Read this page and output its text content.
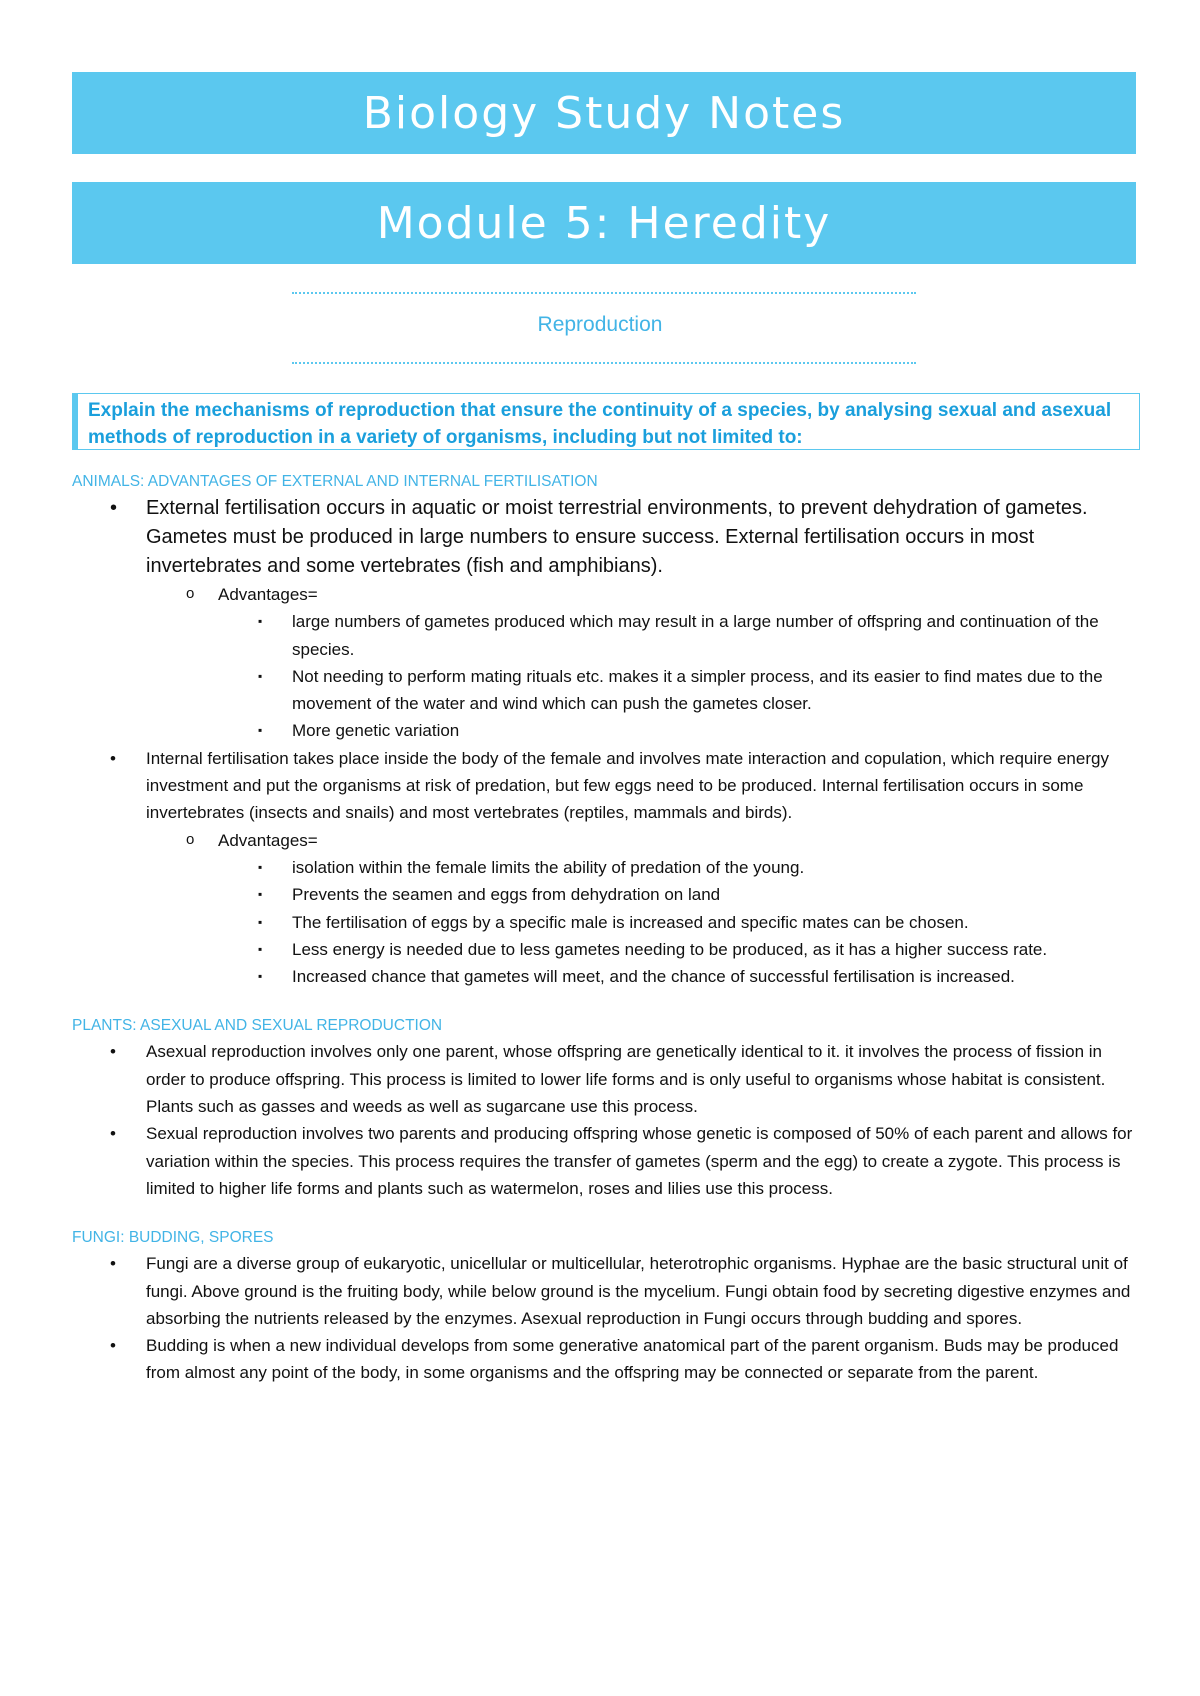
Biology Study Notes
Module 5: Heredity
Reproduction
Explain the mechanisms of reproduction that ensure the continuity of a species, by analysing sexual and asexual methods of reproduction in a variety of organisms, including but not limited to:

ANIMALS: ADVANTAGES OF EXTERNAL AND INTERNAL FERTILISATION

• External fertilisation occurs in aquatic or moist terrestrial environments, to prevent dehydration of gametes. Gametes must be produced in large numbers to ensure success. External fertilisation occurs in most invertebrates and some vertebrates (fish and amphibians).
o Advantages=
▪ large numbers of gametes produced which may result in a large number of offspring and continuation of the species.
▪ Not needing to perform mating rituals etc. makes it a simpler process, and its easier to find mates due to the movement of the water and wind which can push the gametes closer.
▪ More genetic variation
• Internal fertilisation takes place inside the body of the female and involves mate interaction and copulation, which require energy investment and put the organisms at risk of predation, but few eggs need to be produced. Internal fertilisation occurs in some invertebrates (insects and snails) and most vertebrates (reptiles, mammals and birds).
o Advantages=
▪ isolation within the female limits the ability of predation of the young.
▪ Prevents the seamen and eggs from dehydration on land
▪ The fertilisation of eggs by a specific male is increased and specific mates can be chosen.
▪ Less energy is needed due to less gametes needing to be produced, as it has a higher success rate.
▪ Increased chance that gametes will meet, and the chance of successful fertilisation is increased.

PLANTS: ASEXUAL AND SEXUAL REPRODUCTION

• Asexual reproduction involves only one parent, whose offspring are genetically identical to it. it involves the process of fission in order to produce offspring. This process is limited to lower life forms and is only useful to organisms whose habitat is consistent. Plants such as gasses and weeds as well as sugarcane use this process.
• Sexual reproduction involves two parents and producing offspring whose genetic is composed of 50% of each parent and allows for variation within the species. This process requires the transfer of gametes (sperm and the egg) to create a zygote. This process is limited to higher life forms and plants such as watermelon, roses and lilies use this process.

FUNGI: BUDDING, SPORES

• Fungi are a diverse group of eukaryotic, unicellular or multicellular, heterotrophic organisms. Hyphae are the basic structural unit of fungi. Above ground is the fruiting body, while below ground is the mycelium. Fungi obtain food by secreting digestive enzymes and absorbing the nutrients released by the enzymes. Asexual reproduction in Fungi occurs through budding and spores.
• Budding is when a new individual develops from some generative anatomical part of the parent organism. Buds may be produced from almost any point of the body, in some organisms and the offspring may be connected or separate from the parent.
